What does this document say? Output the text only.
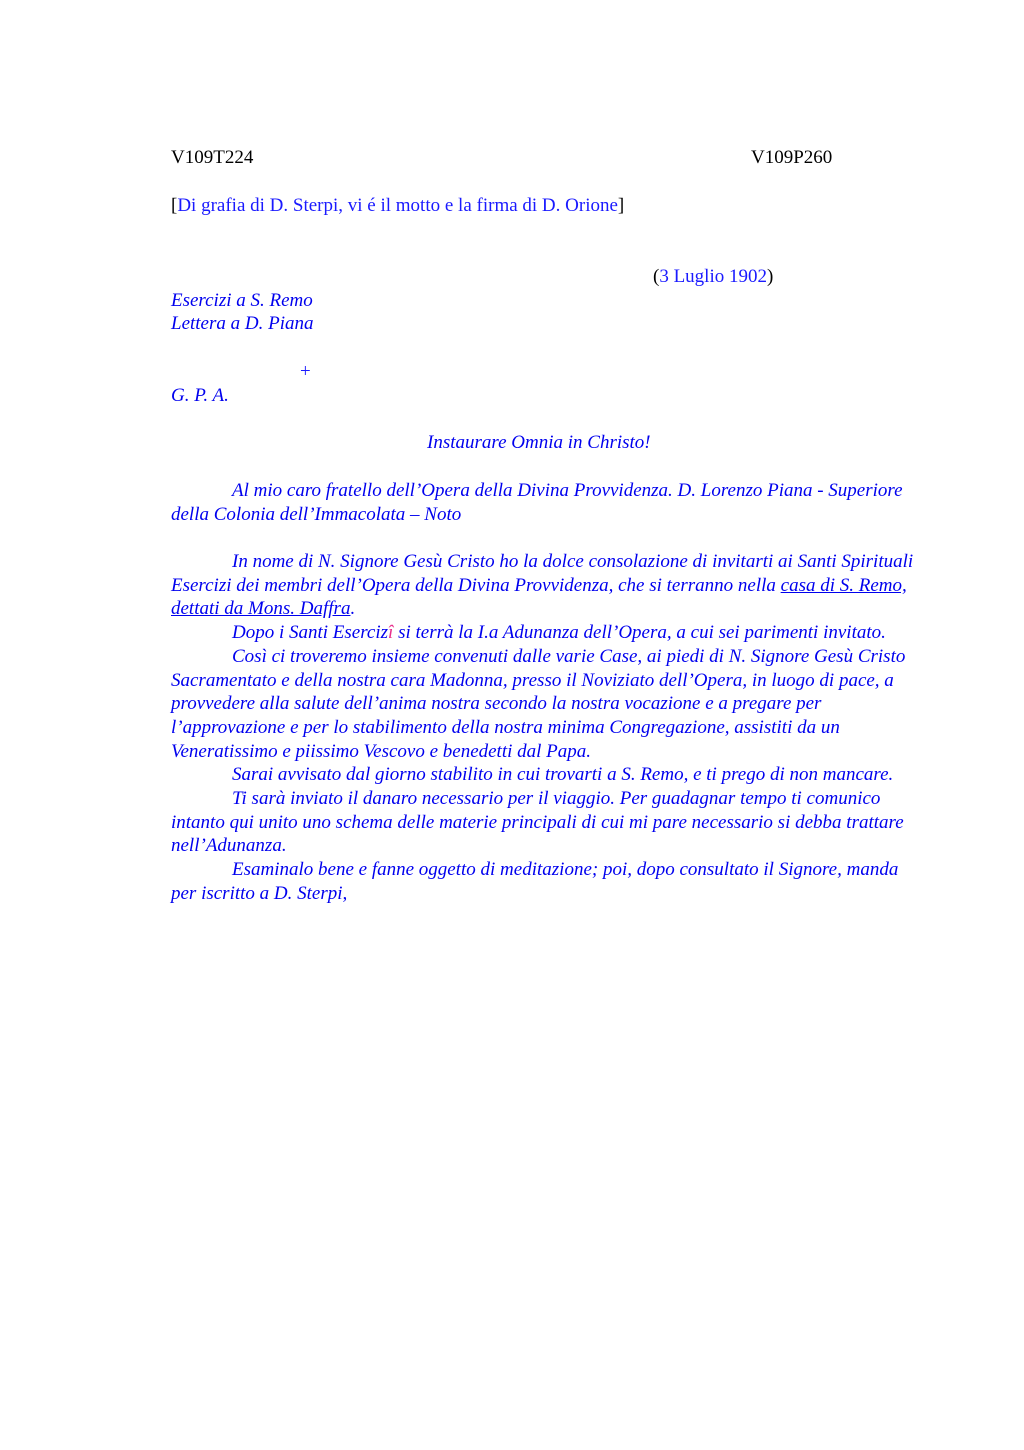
V109T224	V109P260
[Di grafia di D. Sterpi, vi é il motto e la firma di D. Orione]
(3 Luglio 1902)
Esercizi a S. Remo
Lettera a D. Piana
+
G. P. A.
Instaurare Omnia in Christo!

Al mio caro fratello dell’Opera della Divina Provvidenza. D. Lorenzo Piana - Superiore della Colonia dell’Immacolata – Noto

In nome di N. Signore Gesù Cristo ho la dolce consolazione di invitarti ai Santi Spirituali Esercizi dei membri dell’Opera della Divina Provvidenza, che si terranno nella casa di S. Remo, dettati da Mons. Daffra.

Dopo i Santi Esercizî si terrà la I.a Adunanza dell’Opera, a cui sei parimenti invitato.

Così ci troveremo insieme convenuti dalle varie Case, ai piedi di N. Signore Gesù Cristo Sacramentato e della nostra cara Madonna, presso il Noviziato dell’Opera, in luogo di pace, a provvedere alla salute dell’anima nostra secondo la nostra vocazione e a pregare per l’approvazione e per lo stabilimento della nostra minima Congregazione, assistiti da un Veneratissimo e piissimo Vescovo e benedetti dal Papa.

Sarai avvisato dal giorno stabilito in cui trovarti a S. Remo, e ti prego di non mancare.

Ti sarà inviato il danaro necessario per il viaggio. Per guadagnar tempo ti comunico intanto qui unito uno schema delle materie principali di cui mi pare necessario si debba trattare nell’Adunanza.

Esaminalo bene e fanne oggetto di meditazione; poi, dopo consultato il Signore, manda per iscritto a D. Sterpi,
